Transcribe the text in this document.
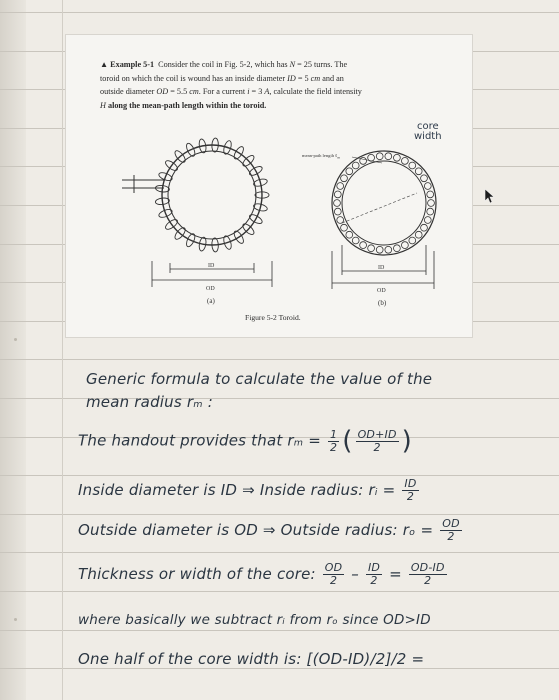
▲ Example 5-1 Consider the coil in Fig. 5-2, which has N = 25 turns. The
toroid on which the coil is wound has an inside diameter ID = 5 cm and an
outside diameter OD = 5.5 cm. For a current i = 3 A, calculate the field intensity
H along the mean-path length within the toroid.
core
width
ID
OD
(a)
mean-path length ℓ$_m$
ID
OD
(b)
Figure 5-2 Toroid.
Generic formula to calculate the value of the
mean radius rₘ :
The handout provides that $r_m = \frac{1}{2}$ ( $\frac{OD+ID}{2}$ )
Inside diameter is ID ⇒ Inside radius: rᵢ = $\frac{ID}{2}$
Outside diameter is OD ⇒ Outside radius: $r_o = \frac{OD}{2}$
Thickness or width of the core: $\frac{OD}{2} - \frac{ID}{2} = \frac{OD-ID}{2}$
where basically we subtract rᵢ from rₒ since OD>ID
One half of the core width is: [(OD-ID)/2]/2 =
